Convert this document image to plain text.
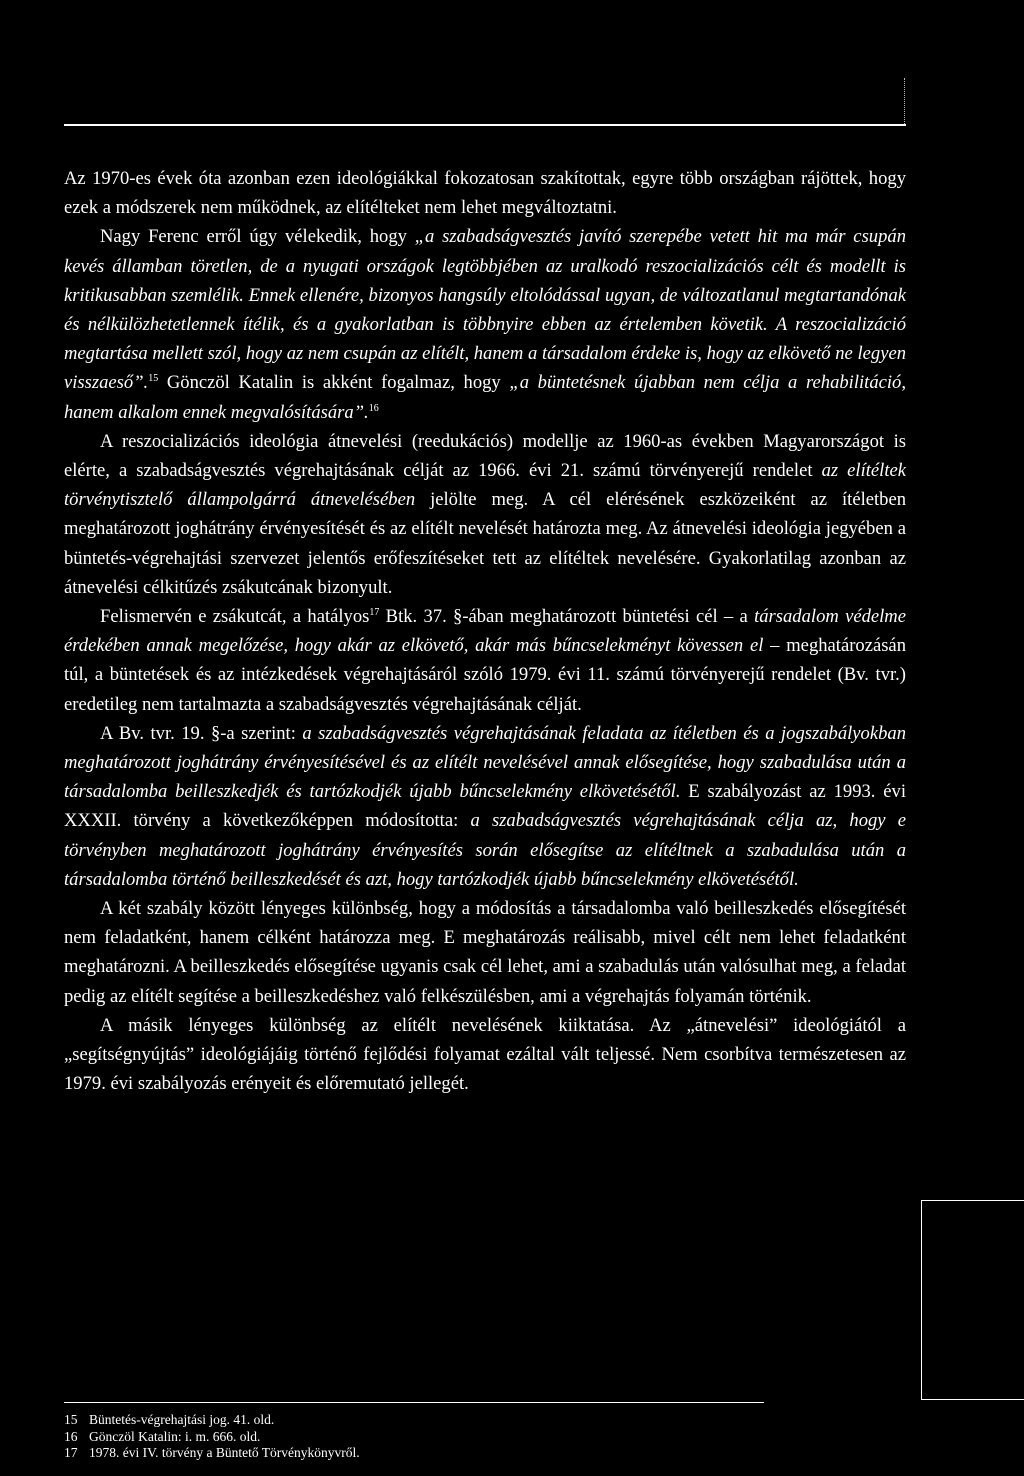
Az 1970-es évek óta azonban ezen ideológiákkal fokozatosan szakítottak, egyre több országban rájöttek, hogy ezek a módszerek nem működnek, az elítélteket nem lehet megváltoztatni.

Nagy Ferenc erről úgy vélekedik, hogy „a szabadságvesztés javító szerepébe vetett hit ma már csupán kevés államban töretlen, de a nyugati országok legtöbbjében az uralkodó reszocializációs célt és modellt is kritikusabban szemlélik. Ennek ellenére, bizonyos hangsúly eltolódással ugyan, de változatlanul megtartandónak és nélkülözhetetlennek ítélik, és a gyakorlatban is többnyire ebben az értelemben követik. A reszocializáció megtartása mellett szól, hogy az nem csupán az elítélt, hanem a társadalom érdeke is, hogy az elkövető ne legyen visszaeső”.$^{15}$ Gönczöl Katalin is akként fogalmaz, hogy „a büntetésnek újabban nem célja a rehabilitáció, hanem alkalom ennek megvalósítására”.$^{16}$

A reszocializációs ideológia átnevelési (reedukációs) modellje az 1960-as években Magyarországot is elérte, a szabadságvesztés végrehajtásának célját az 1966. évi 21. számú törvényerejű rendelet az elítéltek törvénytisztelő állampolgárrá átnevelésében jelölte meg. A cél elérésének eszközeiként az ítéletben meghatározott joghátrány érvényesítését és az elítélt nevelését határozta meg. Az átnevelési ideológia jegyében a büntetés-végrehajtási szervezet jelentős erőfeszítéseket tett az elítéltek nevelésére. Gyakorlatilag azonban az átnevelési célkitűzés zsákutcának bizonyult.

Felismervén e zsákutcát, a hatályos$^{17}$ Btk. 37. §-ában meghatározott büntetési cél – a társadalom védelme érdekében annak megelőzése, hogy akár az elkövető, akár más bűncselekményt kövessen el – meghatározásán túl, a büntetések és az intézkedések végrehajtásáról szóló 1979. évi 11. számú törvényerejű rendelet (Bv. tvr.) eredetileg nem tartalmazta a szabadságvesztés végrehajtásának célját.

A Bv. tvr. 19. §-a szerint: a szabadságvesztés végrehajtásának feladata az ítéletben és a jogszabályokban meghatározott joghátrány érvényesítésével és az elítélt nevelésével annak elősegítése, hogy szabadulása után a társadalomba beilleszkedjék és tartózkodjék újabb bűncselekmény elkövetésétől. E szabályozást az 1993. évi XXXII. törvény a következőképpen módosította: a szabadságvesztés végrehajtásának célja az, hogy e törvényben meghatározott joghátrány érvényesítés során elősegítse az elítéltnek a szabadulása után a társadalomba történő beilleszkedését és azt, hogy tartózkodjék újabb bűncselekmény elkövetésétől.

A két szabály között lényeges különbség, hogy a módosítás a társadalomba való beilleszkedés elősegítését nem feladatként, hanem célként határozza meg. E meghatározás reálisabb, mivel célt nem lehet feladatként meghatározni. A beilleszkedés elősegítése ugyanis csak cél lehet, ami a szabadulás után valósulhat meg, a feladat pedig az elítélt segítése a beilleszkedéshez való felkészülésben, ami a végrehajtás folyamán történik.

A másik lényeges különbség az elítélt nevelésének kiiktatása. Az „átnevelési” ideológiától a „segítségnyújtás” ideológiájáig történő fejlődési folyamat ezáltal vált teljessé. Nem csorbítva természetesen az 1979. évi szabályozás erényeit és előremutató jellegét.

15 Büntetés-végrehajtási jog. 41. old.
16 Gönczöl Katalin: i. m. 666. old.
17 1978. évi IV. törvény a Büntető Törvénykönyvről.
